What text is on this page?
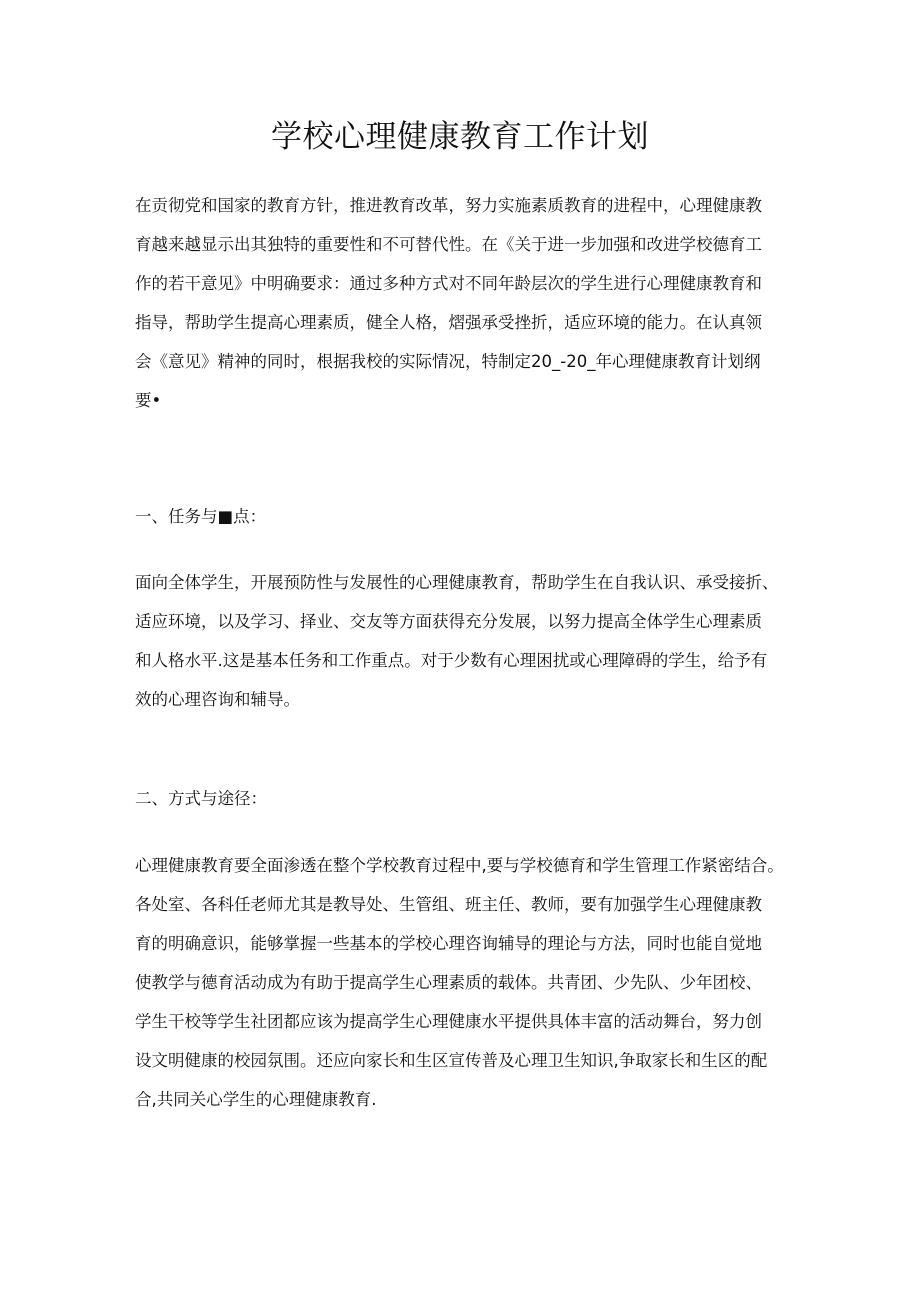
学校心理健康教育工作计划
在贡彻党和国家的教育方针，推进教育改革，努力实施素质教育的进程中，心理健康教
育越来越显示出其独特的重要性和不可替代性。在《关于进一步加强和改进学校德育工
作的若干意见》中明确要求：通过多种方式对不同年龄层次的学生进行心理健康教育和
指导，帮助学生提高心理素质，健全人格，熠强承受挫折，适应环境的能力。在认真领
会《意见》精神的同时，根据我校的实际情况，特制定20_-20_年心理健康教育计划纲
要•
一、任务与■点：
面向全体学生，开展预防性与发展性的心理健康教育，帮助学生在自我认识、承受接折、
适应环境，以及学习、择业、交友等方面获得充分发展，以努力提高全体学生心理素质
和人格水平.这是基本任务和工作重点。对于少数有心理困扰或心理障碍的学生，给予有
效的心理咨询和辅导。
二、方式与途径：
心理健康教育要全面渗透在整个学校教育过程中,要与学校德育和学生管理工作紧密结合。
各处室、各科任老师尤其是教导处、生管组、班主任、教师，要有加强学生心理健康教
育的明确意识，能够掌握一些基本的学校心理咨询辅导的理论与方法，同时也能自觉地
使教学与德育活动成为有助于提高学生心理素质的载体。共青团、少先队、少年团校、
学生干校等学生社团都应该为提高学生心理健康水平提供具体丰富的活动舞台，努力创
设文明健康的校园氛围。还应向家长和生区宣传普及心理卫生知识,争取家长和生区的配
合,共同关心学生的心理健康教育.
